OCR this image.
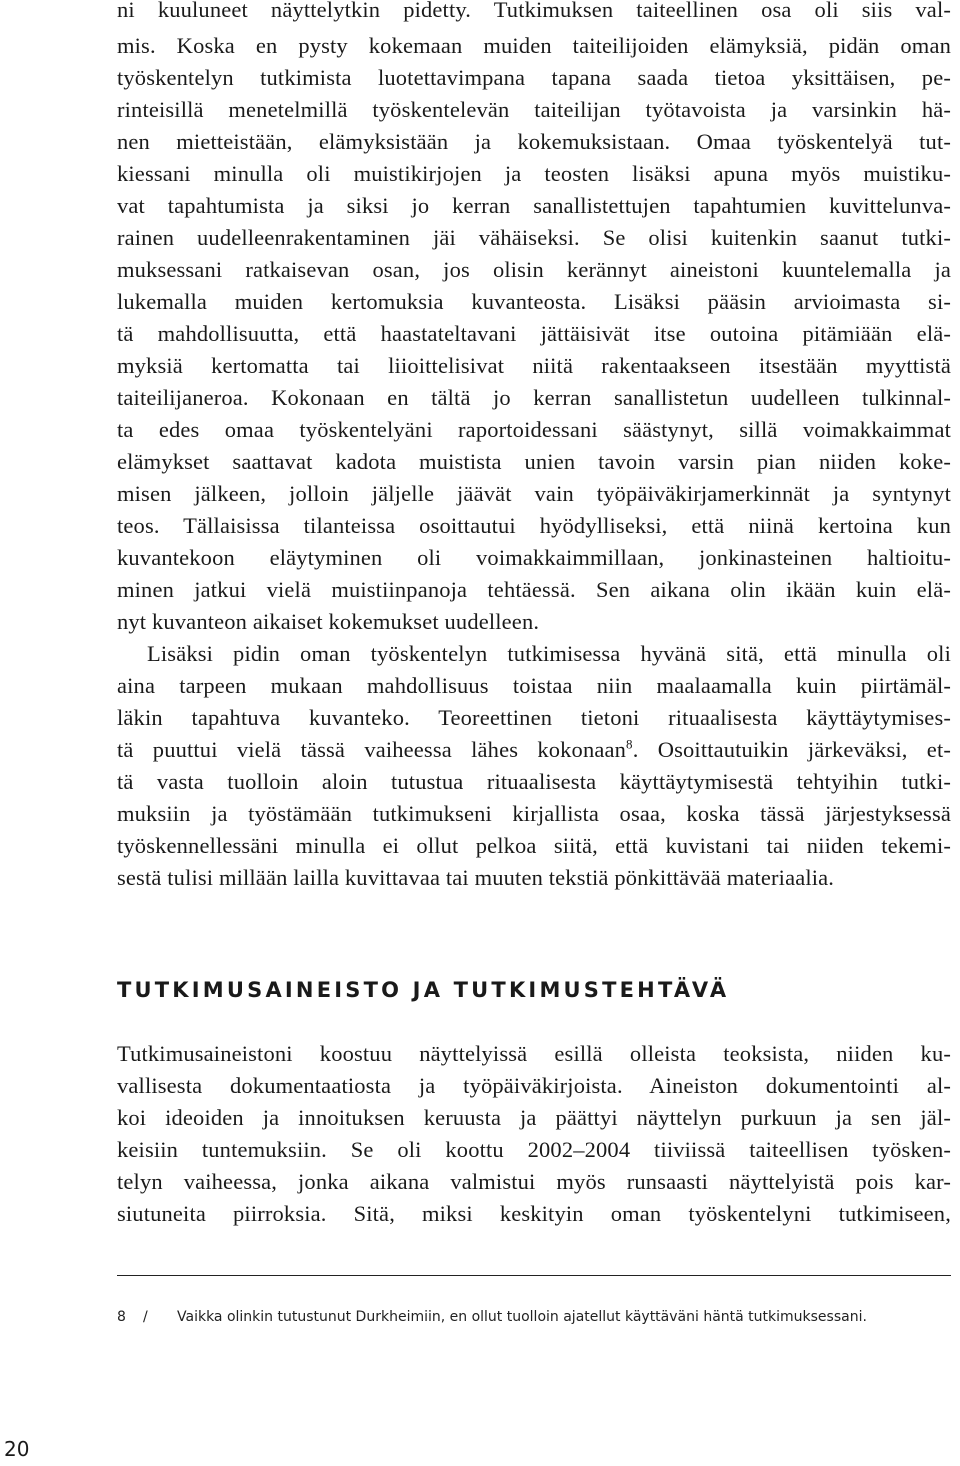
ni kuuluneet näyttelytkin pidetty. Tutkimuksen taiteellinen osa oli siis val-
mis. Koska en pysty kokemaan muiden taiteilijoiden elämyksiä, pidän oman
työskentelyn tutkimista luotettavimpana tapana saada tietoa yksittäisen, pe-
rinteisillä menetelmillä työskentelevän taiteilijan työtavoista ja varsinkin hä-
nen mietteistään, elämyksistään ja kokemuksistaan. Omaa työskentelyä tut-
kiessani minulla oli muistikirjojen ja teosten lisäksi apuna myös muistiku-
vat tapahtumista ja siksi jo kerran sanallistettujen tapahtumien kuvittelunva-
rainen uudelleenrakentaminen jäi vähäiseksi. Se olisi kuitenkin saanut tutki-
muksessani ratkaisevan osan, jos olisin kerännyt aineistoni kuuntelemalla ja
lukemalla muiden kertomuksia kuvanteosta. Lisäksi pääsin arvioimasta si-
tä mahdollisuutta, että haastateltavani jättäisivät itse outoina pitämiään elä-
myksiä kertomatta tai liioittelisivat niitä rakentaakseen itsestään myyttistä
taiteilijaneroa. Kokonaan en tältä jo kerran sanallistetun uudelleen tulkinnal-
ta edes omaa työskentelyäni raportoidessani säästynyt, sillä voimakkaimmat
elämykset saattavat kadota muistista unien tavoin varsin pian niiden koke-
misen jälkeen, jolloin jäljelle jäävät vain työpäiväkirjamerkinnät ja syntynyt
teos. Tällaisissa tilanteissa osoittautui hyödylliseksi, että niinä kertoina kun
kuvantekoon eläytyminen oli voimakkaimmillaan, jonkinasteinen haltioitu-
minen jatkui vielä muistiinpanoja tehtäessä. Sen aikana olin ikään kuin elä-
nyt kuvanteon aikaiset kokemukset uudelleen.
Lisäksi pidin oman työskentelyn tutkimisessa hyvänä sitä, että minulla oli
aina tarpeen mukaan mahdollisuus toistaa niin maalaamalla kuin piirtämäl-
läkin tapahtuva kuvanteko. Teoreettinen tietoni rituaalisesta käyttäytymises-
tä puuttui vielä tässä vaiheessa lähes kokonaan$^8$. Osoittautuikin järkeväksi, et-
tä vasta tuolloin aloin tutustua rituaalisesta käyttäytymisestä tehtyihin tutki-
muksiin ja työstämään tutkimukseni kirjallista osaa, koska tässä järjestyksessä
työskennellessäni minulla ei ollut pelkoa siitä, että kuvistani tai niiden tekemi-
sestä tulisi millään lailla kuvittavaa tai muuten tekstiä pönkittävää materiaalia.
TUTKIMUSAINEISTO JA TUTKIMUSTEHTÄVÄ
Tutkimusaineistoni koostuu näyttelyissä esillä olleista teoksista, niiden ku-
vallisesta dokumentaatiosta ja työpäiväkirjoista. Aineiston dokumentointi al-
koi ideoiden ja innoituksen keruusta ja päättyi näyttelyn purkuun ja sen jäl-
keisiin tuntemuksiin. Se oli koottu 2002–2004 tiiviissä taiteellisen työsken-
telyn vaiheessa, jonka aikana valmistui myös runsaasti näyttelyistä pois kar-
siutuneita piirroksia. Sitä, miksi keskityin oman työskentelyni tutkimiseen,
8 / Vaikka olinkin tutustunut Durkheimiin, en ollut tuolloin ajatellut käyttäväni häntä tutkimuksessani.
20
